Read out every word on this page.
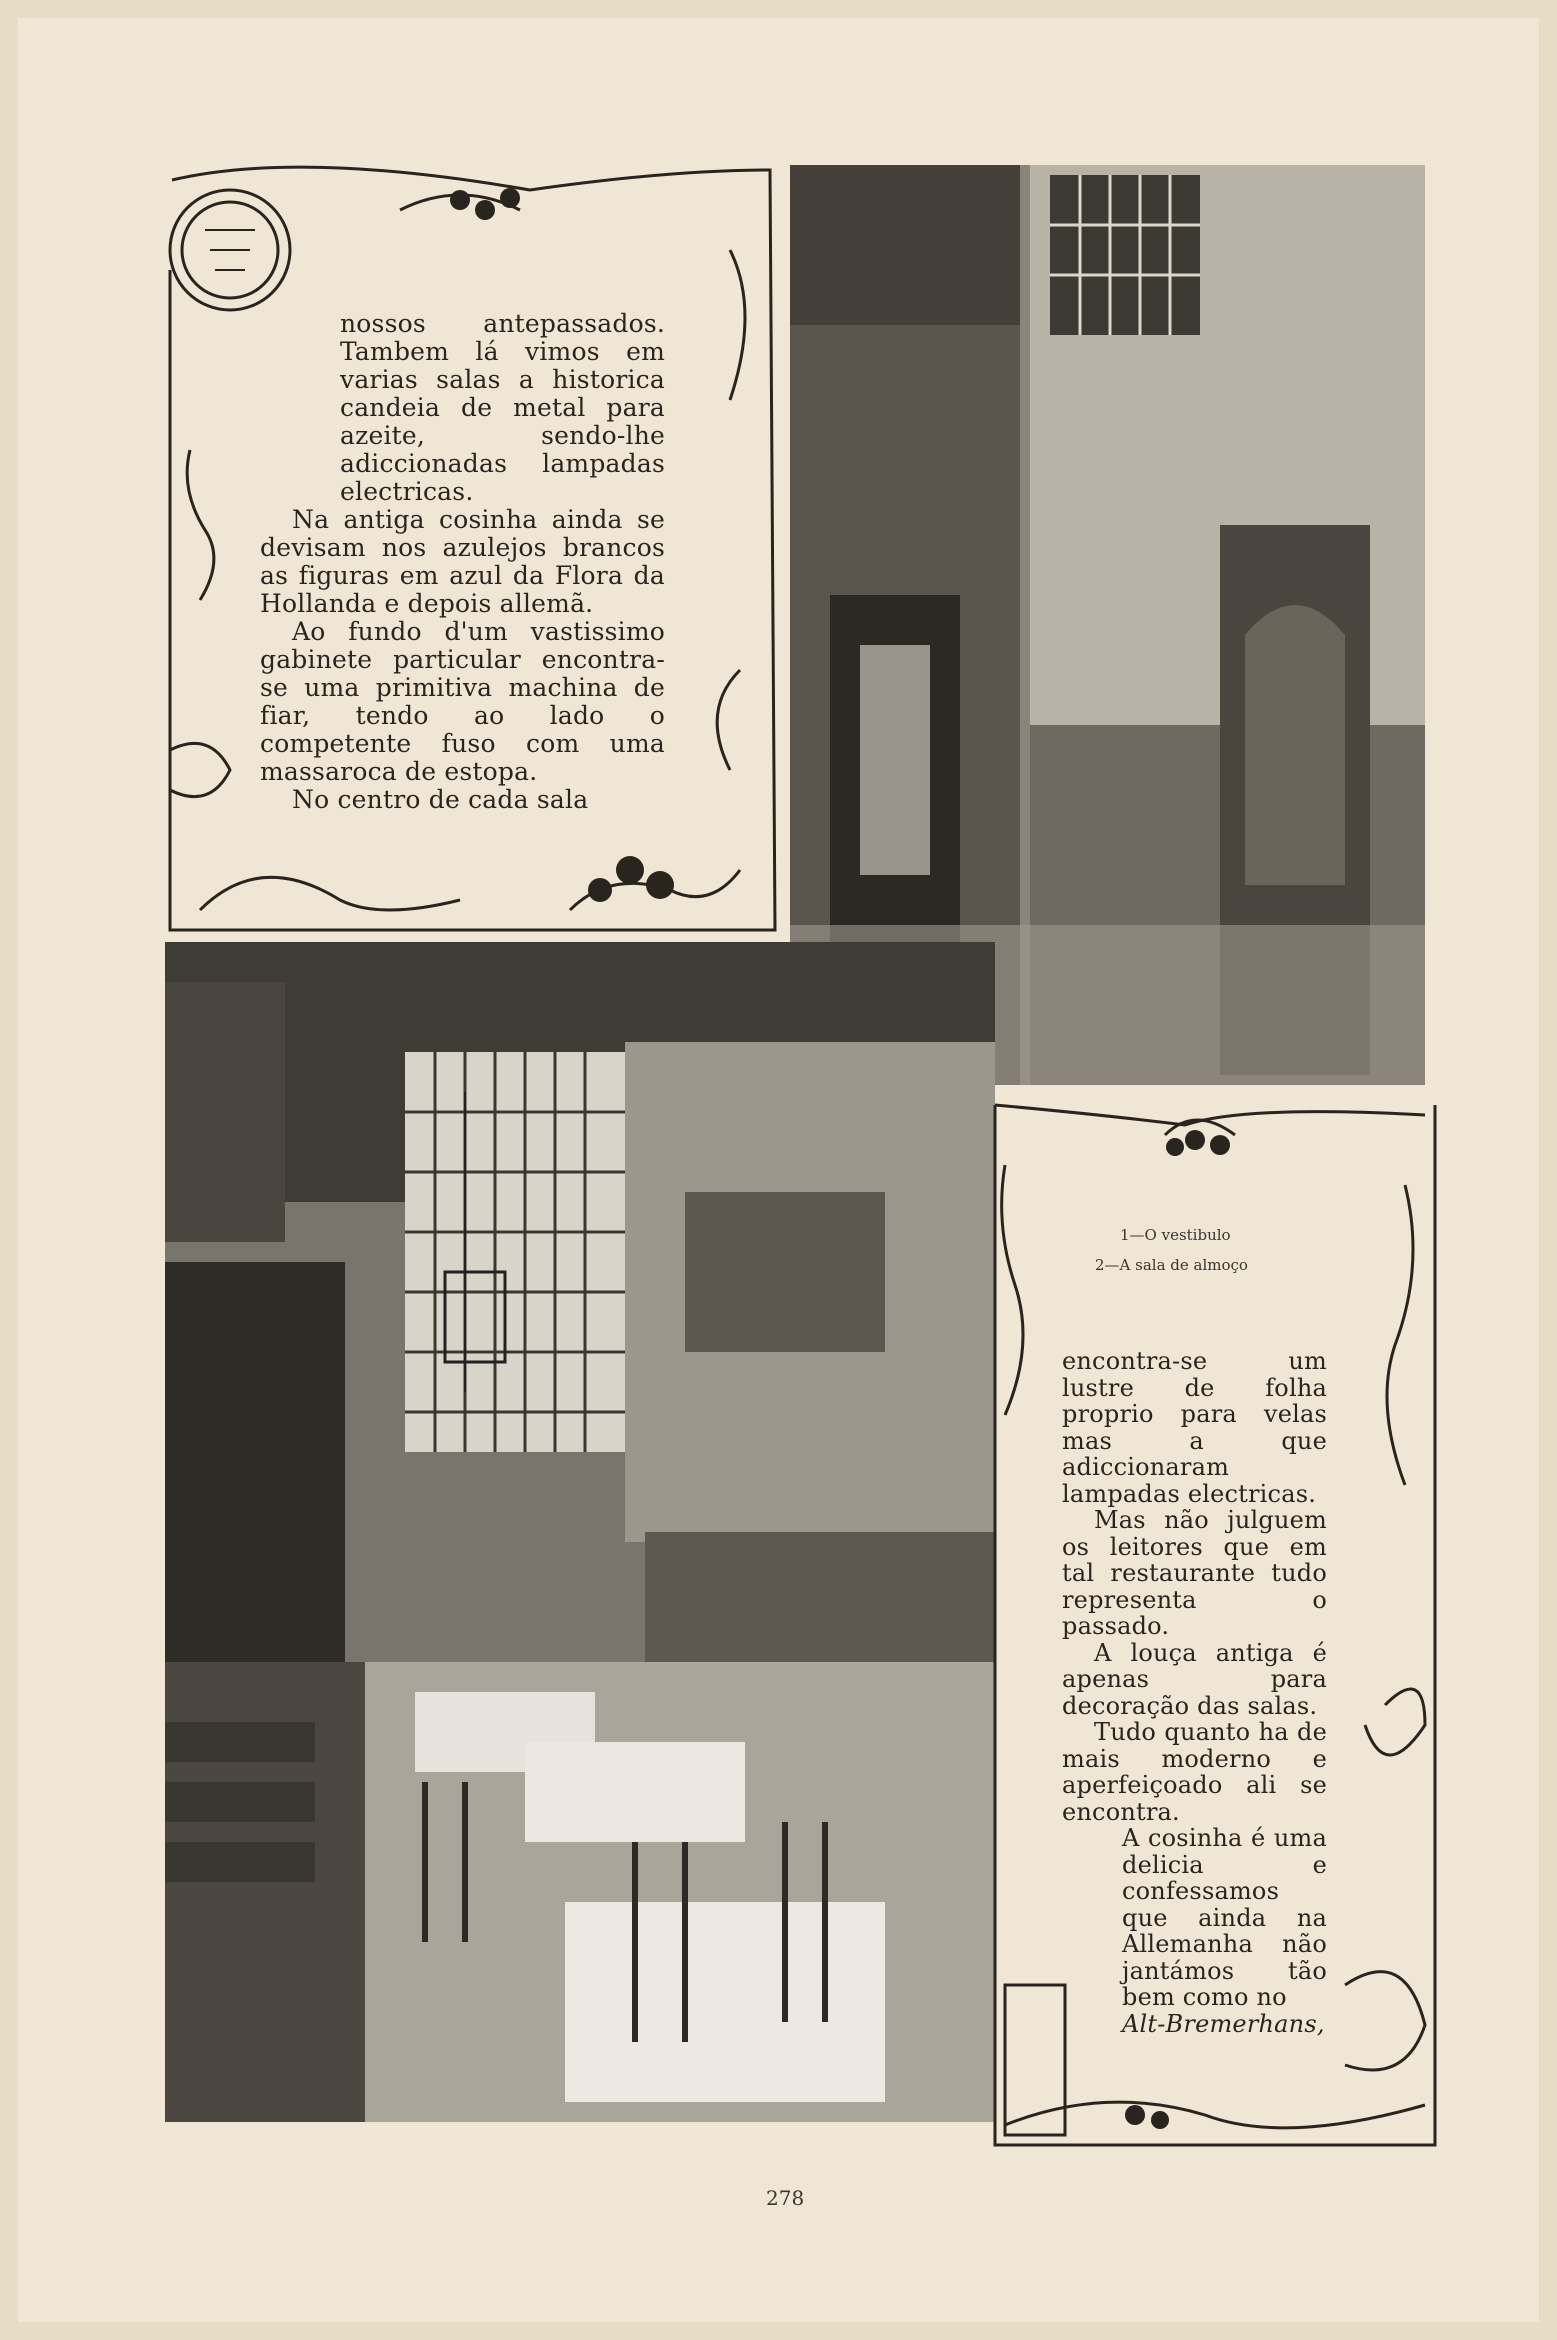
nossos antepassados. Tambem lá vimos em varias salas a historica candeia de metal para azeite, sendo-lhe adiccionadas lampadas electricas.

Na antiga cosinha ainda se devisam nos azulejos brancos as figuras em azul da Flora da Hollanda e depois allemã.

Ao fundo d'um vastissimo gabinete particular encontra-se uma primitiva machina de fiar, tendo ao lado o competente fuso com uma massaroca de estopa.

No centro de cada sala

1—O vestibulo
2—A sala de almoço

encontra-se um lustre de folha proprio para velas mas a que adiccionaram lampadas electricas.

Mas não julguem os leitores que em tal restaurante tudo representa o passado.

A louça antiga é apenas para decoração das salas.

Tudo quanto ha de mais moderno e aperfeiçoado ali se encontra.

A cosinha é uma delicia e confessamos que ainda na Allemanha não jantámos tão bem como no

Alt-Bremerhans,

278
